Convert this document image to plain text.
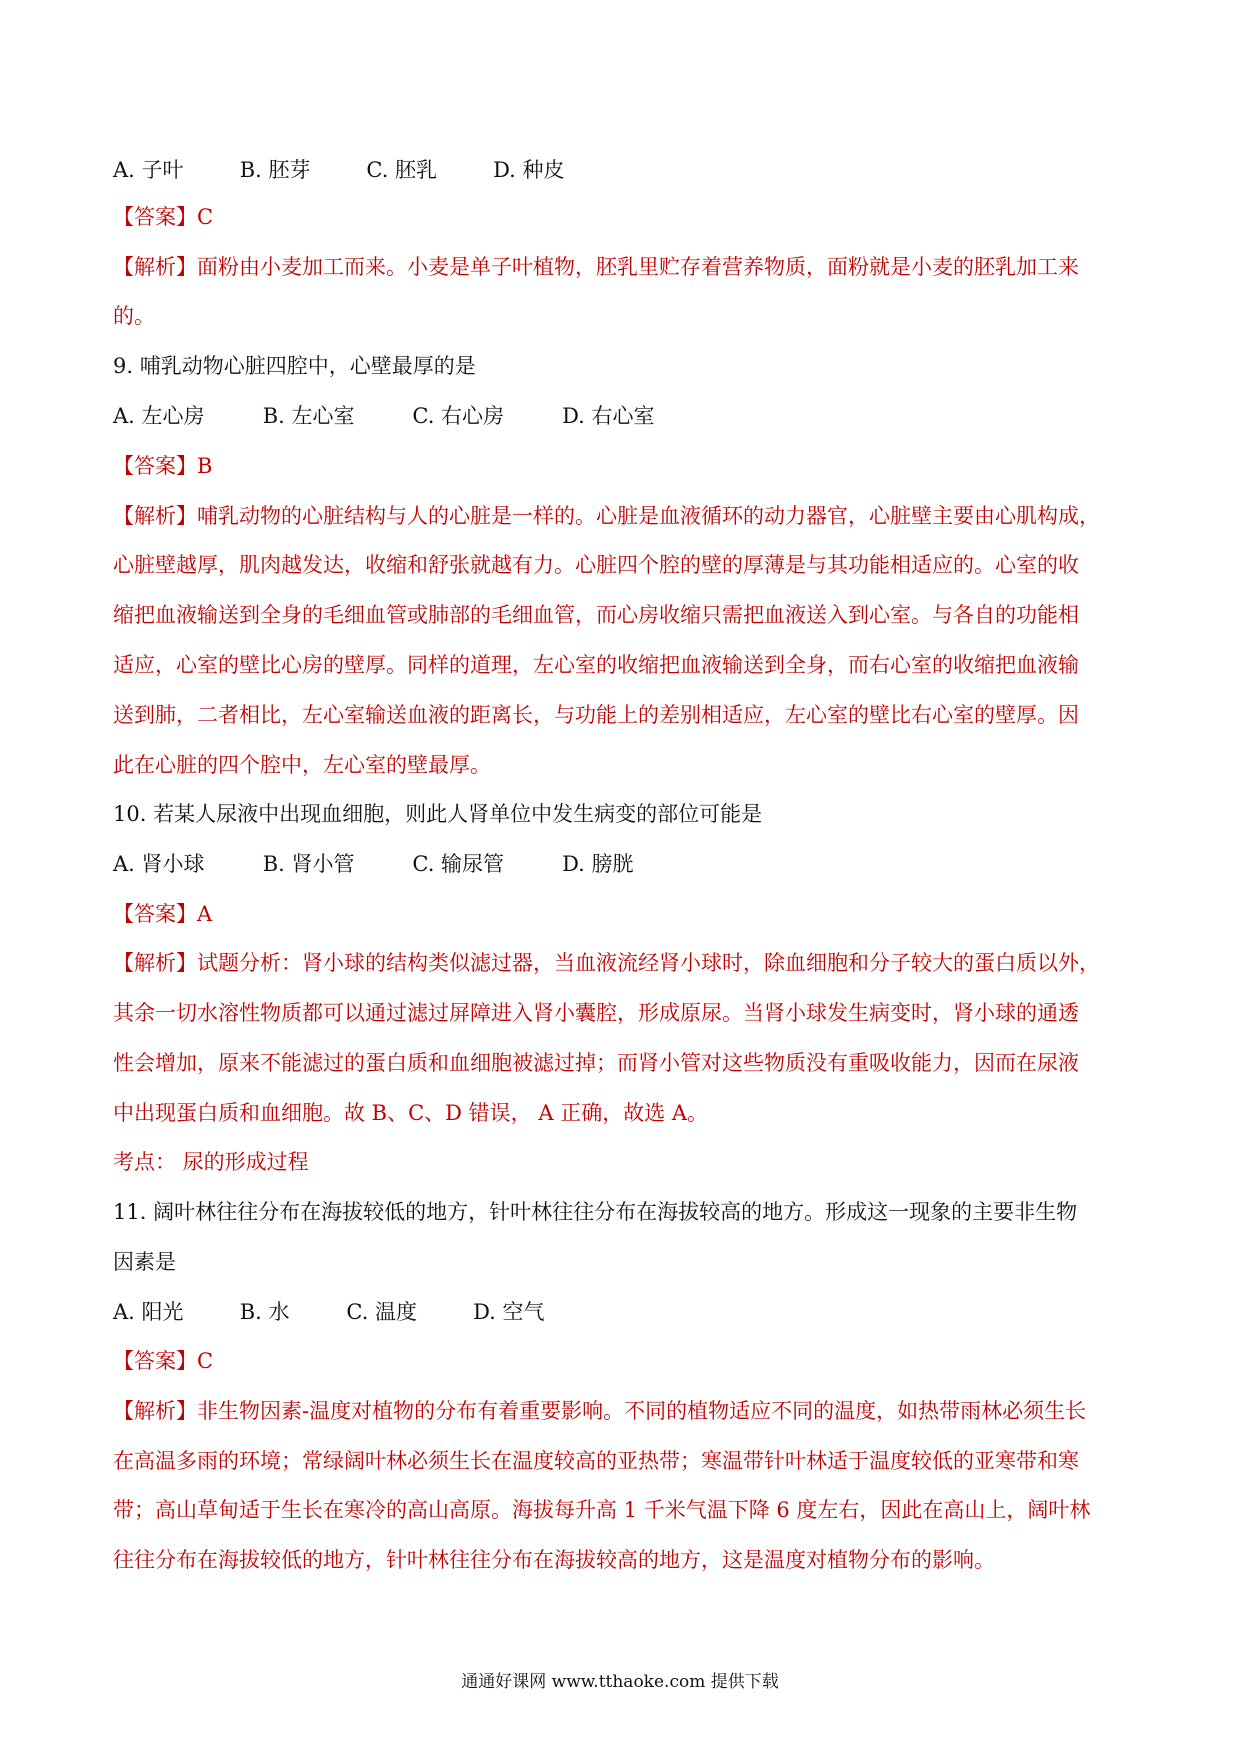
A. 子叶	B. 胚芽	C. 胚乳	D. 种皮
【答案】C
【解析】面粉由小麦加工而来。小麦是单子叶植物，胚乳里贮存着营养物质，面粉就是小麦的胚乳加工来
的。
9. 哺乳动物心脏四腔中，心壁最厚的是
A. 左心房	B. 左心室	C. 右心房	D. 右心室
【答案】B
【解析】哺乳动物的心脏结构与人的心脏是一样的。心脏是血液循环的动力器官，心脏壁主要由心肌构成，
心脏壁越厚，肌肉越发达，收缩和舒张就越有力。心脏四个腔的壁的厚薄是与其功能相适应的。心室的收
缩把血液输送到全身的毛细血管或肺部的毛细血管，而心房收缩只需把血液送入到心室。与各自的功能相
适应，心室的壁比心房的壁厚。同样的道理，左心室的收缩把血液输送到全身，而右心室的收缩把血液输
送到肺，二者相比，左心室输送血液的距离长，与功能上的差别相适应，左心室的壁比右心室的壁厚。因
此在心脏的四个腔中，左心室的壁最厚。
10. 若某人尿液中出现血细胞，则此人肾单位中发生病变的部位可能是
A. 肾小球	B. 肾小管	C. 输尿管	D. 膀胱
【答案】A
【解析】试题分析：肾小球的结构类似滤过器，当血液流经肾小球时，除血细胞和分子较大的蛋白质以外，
其余一切水溶性物质都可以通过滤过屏障进入肾小囊腔，形成原尿。当肾小球发生病变时，肾小球的通透
性会增加，原来不能滤过的蛋白质和血细胞被滤过掉；而肾小管对这些物质没有重吸收能力，因而在尿液
中出现蛋白质和血细胞。故 B、C、D 错误， A 正确，故选 A。
考点： 尿的形成过程
11. 阔叶林往往分布在海拔较低的地方，针叶林往往分布在海拔较高的地方。形成这一现象的主要非生物
因素是
A. 阳光	B. 水	C. 温度	D. 空气
【答案】C
【解析】非生物因素-温度对植物的分布有着重要影响。不同的植物适应不同的温度，如热带雨林必须生长
在高温多雨的环境；常绿阔叶林必须生长在温度较高的亚热带；寒温带针叶林适于温度较低的亚寒带和寒
带；高山草甸适于生长在寒冷的高山高原。海拔每升高 1 千米气温下降 6 度左右，因此在高山上，阔叶林
往往分布在海拔较低的地方，针叶林往往分布在海拔较高的地方，这是温度对植物分布的影响。
通通好课网 www.tthaoke.com 提供下载
